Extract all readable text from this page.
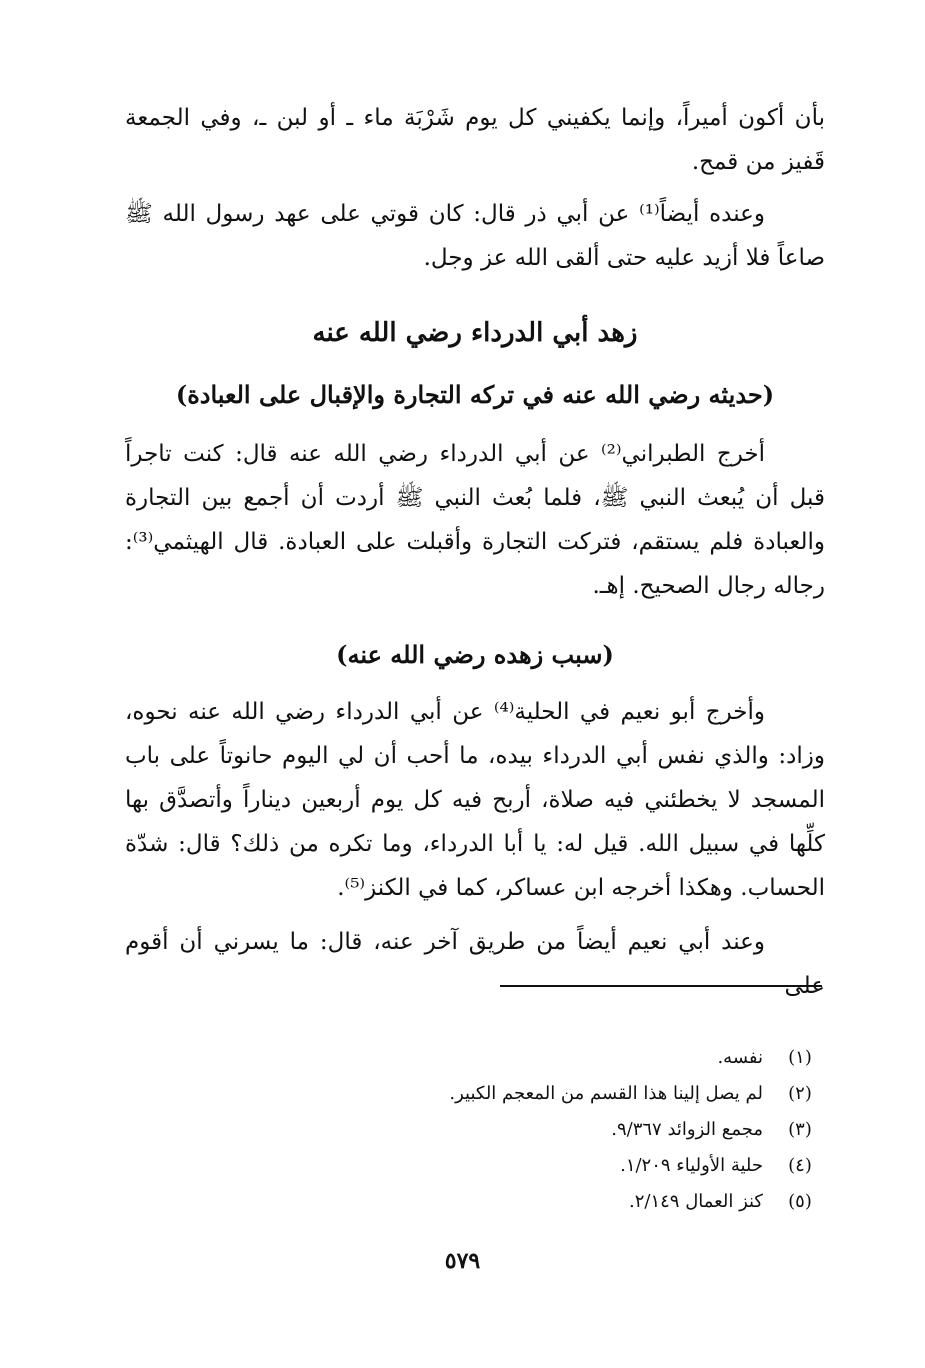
بأن أكون أميراً، وإنما يكفيني كل يوم شَرْبَة ماء ـ أو لبن ـ، وفي الجمعة قَفيز من قمح.

وعنده أيضاً⁽¹⁾ عن أبي ذر قال: كان قوتي على عهد رسول الله ﷺ صاعاً فلا أزيد عليه حتى ألقى الله عز وجل.

زهد أبي الدرداء رضي الله عنه
(حديثه رضي الله عنه في تركه التجارة والإقبال على العبادة)

أخرج الطبراني⁽²⁾ عن أبي الدرداء رضي الله عنه قال: كنت تاجراً قبل أن يُبعث النبي ﷺ، فلما بُعث النبي ﷺ أردت أن أجمع بين التجارة والعبادة فلم يستقم، فتركت التجارة وأقبلت على العبادة. قال الهيثمي⁽³⁾: رجاله رجال الصحيح. إهـ.

(سبب زهده رضي الله عنه)

وأخرج أبو نعيم في الحلية⁽⁴⁾ عن أبي الدرداء رضي الله عنه نحوه، وزاد: والذي نفس أبي الدرداء بيده، ما أحب أن لي اليوم حانوتاً على باب المسجد لا يخطئني فيه صلاة، أربح فيه كل يوم أربعين ديناراً وأتصدَّق بها كلِّها في سبيل الله. قيل له: يا أبا الدرداء، وما تكره من ذلك؟ قال: شدّة الحساب. وهكذا أخرجه ابن عساكر، كما في الكنز⁽⁵⁾.

وعند أبي نعيم أيضاً من طريق آخر عنه، قال: ما يسرني أن أقوم على

(١)نفسه.
(٢)لم يصل إلينا هذا القسم من المعجم الكبير.
(٣)مجمع الزوائد ٩/٣٦٧.
(٤)حلية الأولياء ١/٢٠٩.
(٥)كنز العمال ٢/١٤٩.
٥٧٩
